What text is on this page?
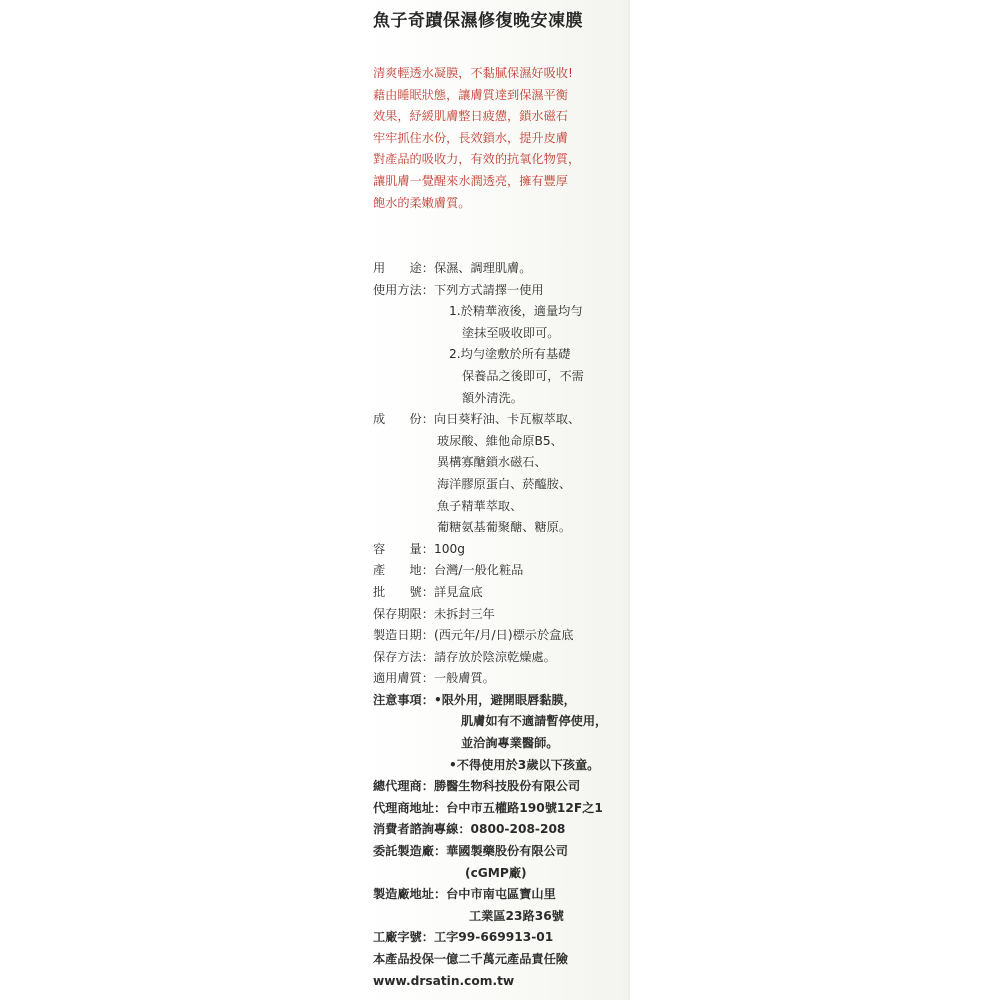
魚子奇蹟保濕修復晚安凍膜
清爽輕透水凝膜，不黏膩保濕好吸收!
藉由睡眠狀態，讓膚質達到保濕平衡
效果，紓緩肌膚整日疲憊，鎖水磁石
牢牢抓住水份，長效鎖水，提升皮膚
對產品的吸收力，有效的抗氧化物質，
讓肌膚一覺醒來水潤透亮，擁有豐厚
飽水的柔嫩膚質。
用　　途：保濕、調理肌膚。
使用方法：下列方式請擇一使用
1.於精華液後，適量均勻
塗抹至吸收即可。
2.均勻塗敷於所有基礎
保養品之後即可，不需
額外清洗。
成　　份：向日葵籽油、卡瓦椒萃取、
玻尿酸、維他命原B5、
異構寡醣鎖水磁石、
海洋膠原蛋白、菸醯胺、
魚子精華萃取、
葡糖氨基葡聚醣、糖原。
容　　量：100g
產　　地：台灣/一般化粧品
批　　號：詳見盒底
保存期限：未拆封三年
製造日期：(西元年/月/日)標示於盒底
保存方法：請存放於陰涼乾燥處。
適用膚質：一般膚質。
注意事項：•限外用，避開眼唇黏膜，
肌膚如有不適請暫停使用，
並洽詢專業醫師。
•不得使用於3歲以下孩童。
總代理商：勝醫生物科技股份有限公司
代理商地址：台中市五權路190號12F之1
消費者諮詢專線：0800-208-208
委託製造廠：華國製藥股份有限公司
(cGMP廠)
製造廠地址：台中市南屯區寶山里
工業區23路36號
工廠字號：工字99-669913-01
本產品投保一億二千萬元產品責任險
www.drsatin.com.tw
